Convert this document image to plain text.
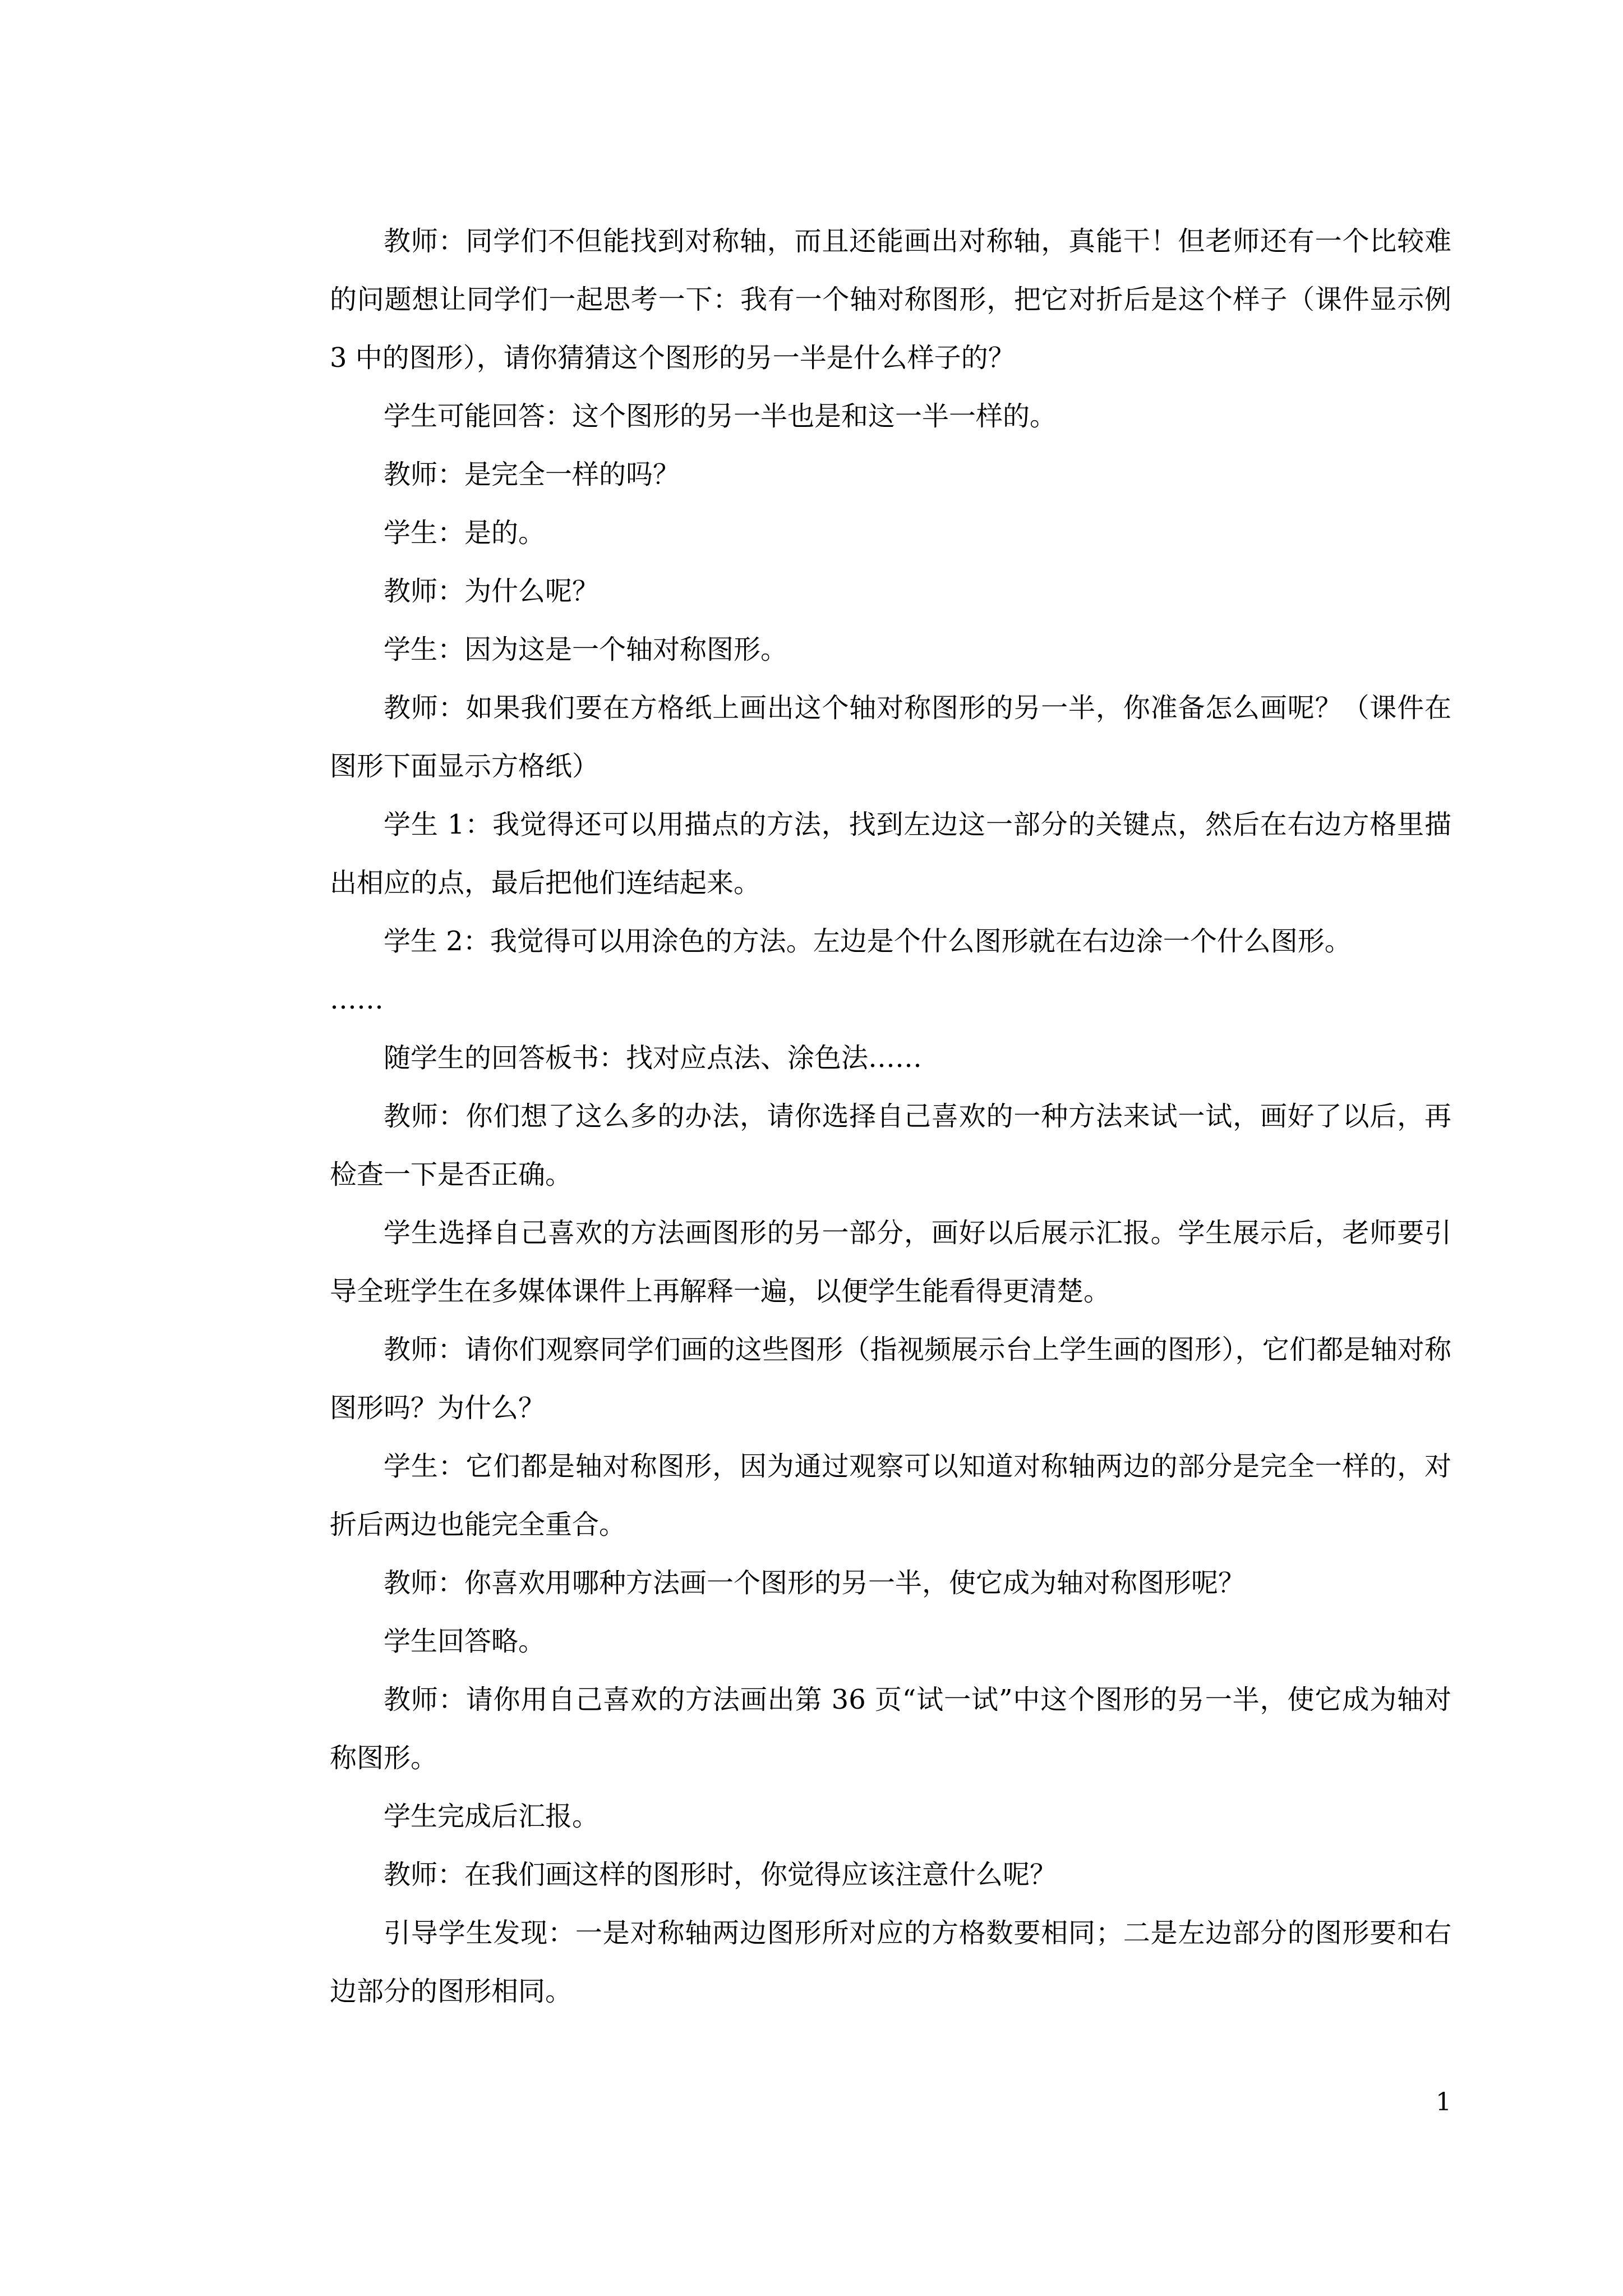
教师：同学们不但能找到对称轴，而且还能画出对称轴，真能干！但老师还有一个比较难的问题想让同学们一起思考一下：我有一个轴对称图形，把它对折后是这个样子（课件显示例 3 中的图形），请你猜猜这个图形的另一半是什么样子的？

学生可能回答：这个图形的另一半也是和这一半一样的。

教师：是完全一样的吗？

学生：是的。

教师：为什么呢？

学生：因为这是一个轴对称图形。

教师：如果我们要在方格纸上画出这个轴对称图形的另一半，你准备怎么画呢？（课件在图形下面显示方格纸）

学生 1：我觉得还可以用描点的方法，找到左边这一部分的关键点，然后在右边方格里描出相应的点，最后把他们连结起来。

学生 2：我觉得可以用涂色的方法。左边是个什么图形就在右边涂一个什么图形。

……

随学生的回答板书：找对应点法、涂色法……

教师：你们想了这么多的办法，请你选择自己喜欢的一种方法来试一试，画好了以后，再检查一下是否正确。

学生选择自己喜欢的方法画图形的另一部分，画好以后展示汇报。学生展示后，老师要引导全班学生在多媒体课件上再解释一遍，以便学生能看得更清楚。

教师：请你们观察同学们画的这些图形（指视频展示台上学生画的图形），它们都是轴对称图形吗？为什么？

学生：它们都是轴对称图形，因为通过观察可以知道对称轴两边的部分是完全一样的，对折后两边也能完全重合。

教师：你喜欢用哪种方法画一个图形的另一半，使它成为轴对称图形呢？

学生回答略。

教师：请你用自己喜欢的方法画出第 36 页“试一试”中这个图形的另一半，使它成为轴对称图形。

学生完成后汇报。

教师：在我们画这样的图形时，你觉得应该注意什么呢？

引导学生发现：一是对称轴两边图形所对应的方格数要相同；二是左边部分的图形要和右边部分的图形相同。

1
